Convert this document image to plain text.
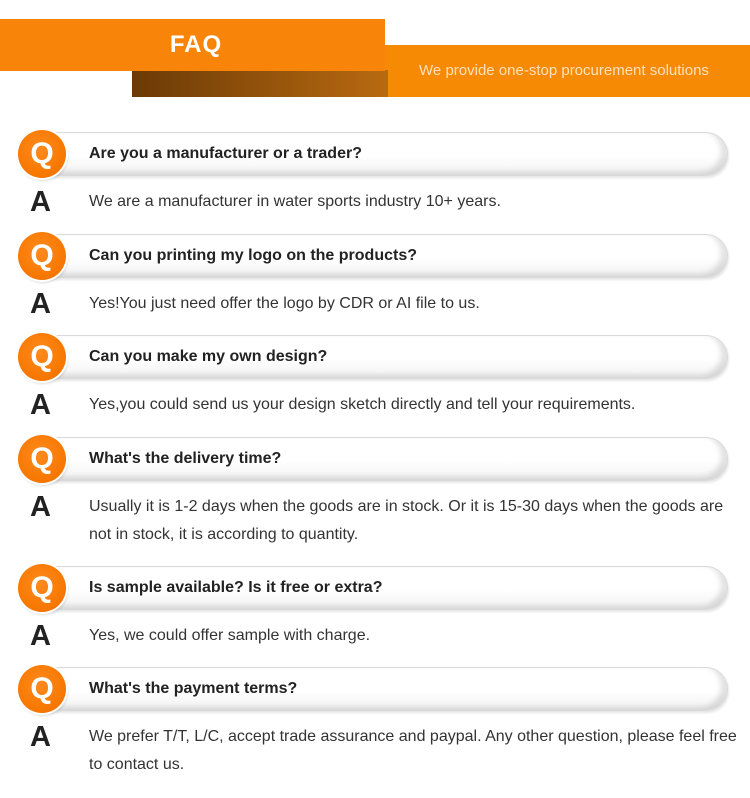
FAQ
We provide one-stop procurement solutions
Q	Are you a manufacturer or a trader?
A We are a manufacturer in water sports industry 10+ years.
Q	Can you printing my logo on the products?
A Yes!You just need offer the logo by CDR or AI file to us.
Q	Can you make my own design?
A Yes,you could send us your design sketch directly and tell your requirements.
Q	What's the delivery time?
A Usually it is 1-2 days when the goods are in stock. Or it is 15-30 days when the goods are not in stock, it is according to quantity.
Q	Is sample available? Is it free or extra?
A Yes, we could offer sample with charge.
Q	What's the payment terms?
A We prefer T/T, L/C, accept trade assurance and paypal. Any other question, please feel free to contact us.
